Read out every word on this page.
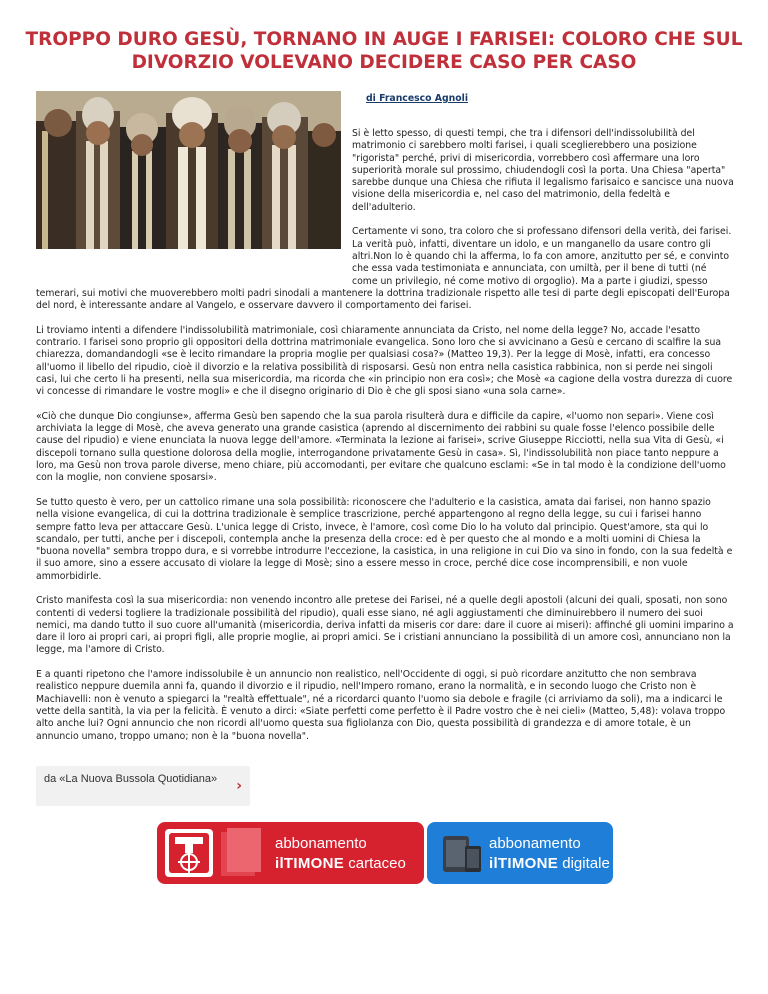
TROPPO DURO GESÙ, TORNANO IN AUGE I FARISEI: COLORO CHE SUL DIVORZIO VOLEVANO DECIDERE CASO PER CASO
di Francesco Agnoli

Si è letto spesso, di questi tempi, che tra i difensori dell'indissolubilità del matrimonio ci sarebbero molti farisei, i quali sceglierebbero una posizione "rigorista" perché, privi di misericordia, vorrebbero così affermare una loro superiorità morale sul prossimo, chiudendogli così la porta. Una Chiesa "aperta" sarebbe dunque una Chiesa che rifiuta il legalismo farisaico e sancisce una nuova visione della misericordia e, nel caso del matrimonio, della fedeltà e dell'adulterio.

Certamente vi sono, tra coloro che si professano difensori della verità, dei farisei. La verità può, infatti, diventare un idolo, e un manganello da usare contro gli altri.Non lo è quando chi la afferma, lo fa con amore, anzitutto per sé, e convinto che essa vada testimoniata e annunciata, con umiltà, per il bene di tutti (né come un privilegio, né come motivo di orgoglio). Ma a parte i giudizi, spesso temerari, sui motivi che muoverebbero molti padri sinodali a mantenere la dottrina tradizionale rispetto alle tesi di parte degli episcopati dell'Europa del nord, è interessante andare al Vangelo, e osservare davvero il comportamento dei farisei.

Li troviamo intenti a difendere l'indissolubilità matrimoniale, così chiaramente annunciata da Cristo, nel nome della legge? No, accade l'esatto contrario. I farisei sono proprio gli oppositori della dottrina matrimoniale evangelica. Sono loro che si avvicinano a Gesù e cercano di scalfire la sua chiarezza, domandandogli «se è lecito rimandare la propria moglie per qualsiasi cosa?» (Matteo 19,3). Per la legge di Mosè, infatti, era concesso all'uomo il libello del ripudio, cioè il divorzio e la relativa possibilità di risposarsi. Gesù non entra nella casistica rabbinica, non si perde nei singoli casi, lui che certo li ha presenti, nella sua misericordia, ma ricorda che «in principio non era così»; che Mosè «a cagione della vostra durezza di cuore vi concesse di rimandare le vostre mogli» e che il disegno originario di Dio è che gli sposi siano «una sola carne».

«Ciò che dunque Dio congiunse», afferma Gesù ben sapendo che la sua parola risulterà dura e difficile da capire, «l'uomo non separi». Viene così archiviata la legge di Mosè, che aveva generato una grande casistica (aprendo al discernimento dei rabbini su quale fosse l'elenco possibile delle cause del ripudio) e viene enunciata la nuova legge dell'amore. «Terminata la lezione ai farisei», scrive Giuseppe Ricciotti, nella sua Vita di Gesù, «i discepoli tornano sulla questione dolorosa della moglie, interrogandone privatamente Gesù in casa». Sì, l'indissolubilità non piace tanto neppure a loro, ma Gesù non trova parole diverse, meno chiare, più accomodanti, per evitare che qualcuno esclami: «Se in tal modo è la condizione dell'uomo con la moglie, non conviene sposarsi».

Se tutto questo è vero, per un cattolico rimane una sola possibilità: riconoscere che l'adulterio e la casistica, amata dai farisei, non hanno spazio nella visione evangelica, di cui la dottrina tradizionale è semplice trascrizione, perché appartengono al regno della legge, su cui i farisei hanno sempre fatto leva per attaccare Gesù. L'unica legge di Cristo, invece, è l'amore, così come Dio lo ha voluto dal principio. Quest'amore, sta qui lo scandalo, per tutti, anche per i discepoli, contempla anche la presenza della croce: ed è per questo che al mondo e a molti uomini di Chiesa la "buona novella" sembra troppo dura, e si vorrebbe introdurre l'eccezione, la casistica, in una religione in cui Dio va sino in fondo, con la sua fedeltà e il suo amore, sino a essere accusato di violare la legge di Mosè; sino a essere messo in croce, perché dice cose incomprensibili, e non vuole ammorbidirle.

Cristo manifesta così la sua misericordia: non venendo incontro alle pretese dei Farisei, né a quelle degli apostoli (alcuni dei quali, sposati, non sono contenti di vedersi togliere la tradizionale possibilità del ripudio), quali esse siano, né agli aggiustamenti che diminuirebbero il numero dei suoi nemici, ma dando tutto il suo cuore all'umanità (misericordia, deriva infatti da miseris cor dare: dare il cuore ai miseri): affinché gli uomini imparino a dare il loro ai propri cari, ai propri figli, alle proprie moglie, ai propri amici. Se i cristiani annunciano la possibilità di un amore così, annunciano non la legge, ma l'amore di Cristo.

E a quanti ripetono che l'amore indissolubile è un annuncio non realistico, nell'Occidente di oggi, si può ricordare anzitutto che non sembrava realistico neppure duemila anni fa, quando il divorzio e il ripudio, nell'Impero romano, erano la normalità, e in secondo luogo che Cristo non è Machiavelli: non è venuto a spiegarci la "realtà effettuale", né a ricordarci quanto l'uomo sia debole e fragile (ci arriviamo da soli), ma a indicarci le vette della santità, la via per la felicità. È venuto a dirci: «Siate perfetti come perfetto è il Padre vostro che è nei cieli» (Matteo, 5,48): volava troppo alto anche lui? Ogni annuncio che non ricordi all'uomo questa sua figliolanza con Dio, questa possibilità di grandezza e di amore totale, è un annuncio umano, troppo umano; non è la "buona novella".

da «La Nuova Bussola Quotidiana»	›
abbonamento
ilTIMONE cartaceo
abbonamento
ilTIMONE digitale
